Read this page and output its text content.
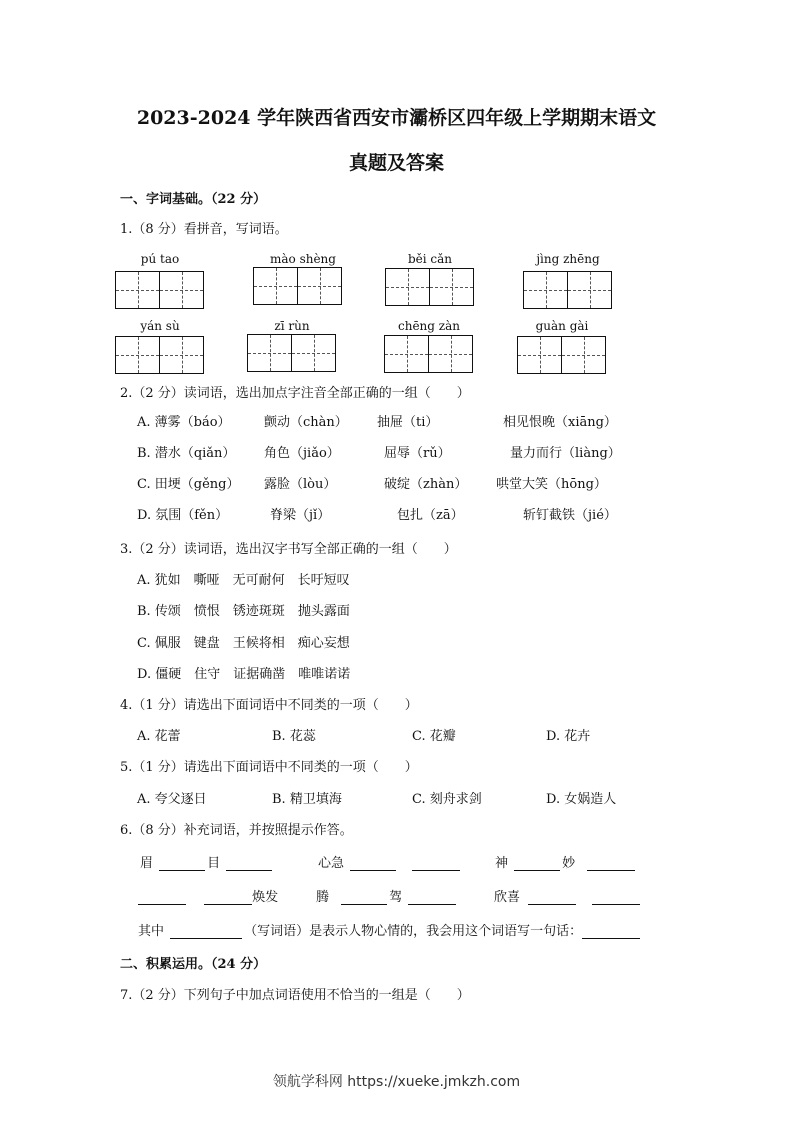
2023-2024 学年陕西省西安市灞桥区四年级上学期期末语文
真题及答案
一、字词基础。（22 分）
1.（8 分）看拼音，写词语。
pú tao	mào shèng	běi cǎn	jìng zhēng
yán sù	zī rùn	chēng zàn	guàn gài
2.（2 分）读词语，选出加点字注音全部正确的一组（　　）
A. 薄雾（báo）	颤动（chàn） 抽屉（ti）	相见恨晚（xiāng）
B. 潜水（qiǎn） 角色（jiǎo）	屈辱（rǔ）	量力而行（liàng）
C. 田埂（gěng） 露脸（lòu）	破绽（zhàn） 哄堂大笑（hōng）
D. 氛围（fěn）	脊梁（jǐ）	包扎（zā）	斩钉截铁（jié）
3.（2 分）读词语，选出汉字书写全部正确的一组（　　）
A. 犹如　嘶哑　无可耐何　长吁短叹
B. 传颂　愤恨　锈迹斑斑　抛头露面
C. 佩服　键盘　王候将相　痴心妄想
D. 僵硬　住守　证据确凿　唯唯诺诺
4.（1 分）请选出下面词语中不同类的一项（　　）
A. 花蕾	B. 花蕊	C. 花瓣	D. 花卉
5.（1 分）请选出下面词语中不同类的一项（　　）
A. 夸父逐日	B. 精卫填海	C. 刻舟求剑	D. 女娲造人
6.（8 分）补充词语，并按照提示作答。
眉	目	心急	神	妙
焕发	腾	驾	欣喜
其中	（写词语）是表示人物心情的，我会用这个词语写一句话：
二、积累运用。（24 分）
7.（2 分）下列句子中加点词语使用不恰当的一组是（　　）
领航学科网 https://xueke.jmkzh.com
